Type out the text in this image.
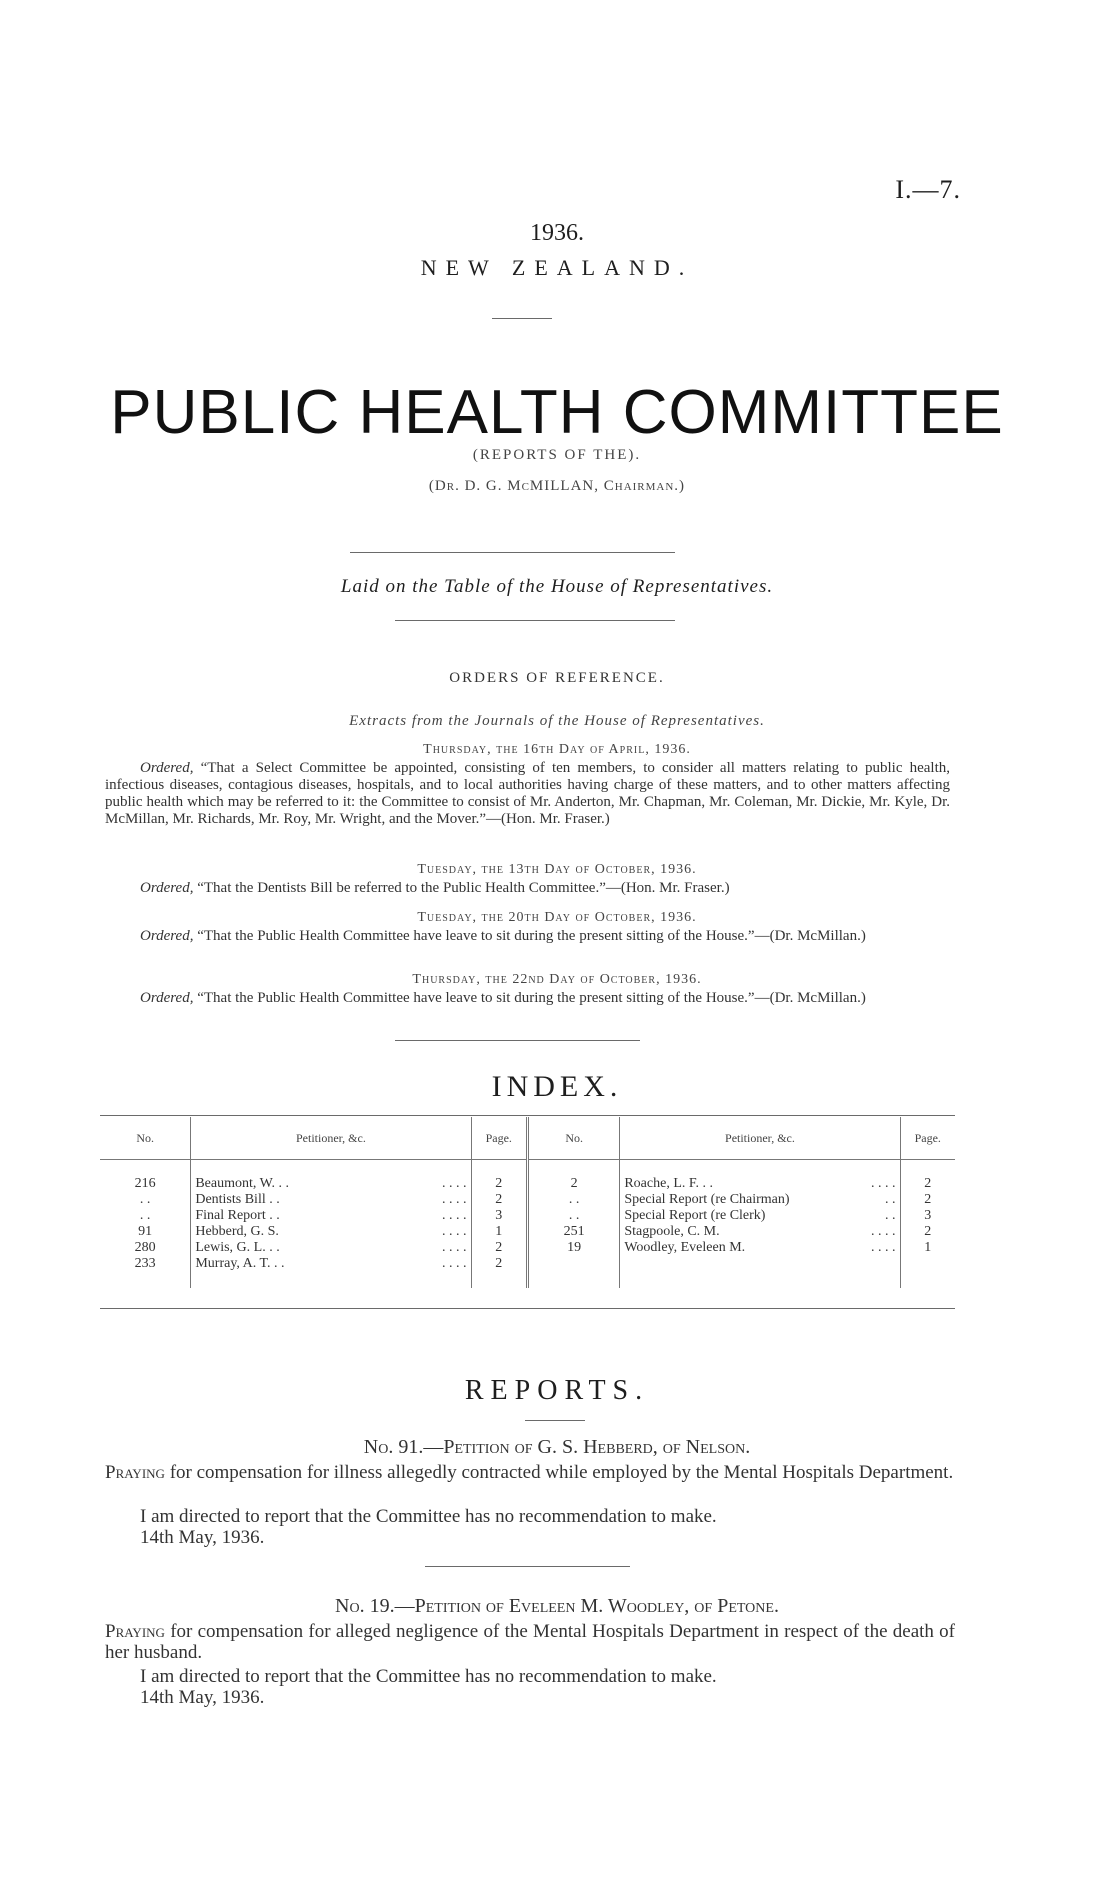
I.—7.
1936.
NEW ZEALAND.
PUBLIC HEALTH COMMITTEE
(REPORTS OF THE).
(Dr. D. G. McMILLAN, Chairman.)
Laid on the Table of the House of Representatives.
ORDERS OF REFERENCE.
Extracts from the Journals of the House of Representatives.
Thursday, the 16th Day of April, 1936.
Ordered, “That a Select Committee be appointed, consisting of ten members, to consider all matters relating to public health, infectious diseases, contagious diseases, hospitals, and to local authorities having charge of these matters, and to other matters affecting public health which may be referred to it: the Committee to consist of Mr. Anderton, Mr. Chapman, Mr. Coleman, Mr. Dickie, Mr. Kyle, Dr. McMillan, Mr. Richards, Mr. Roy, Mr. Wright, and the Mover.”—(Hon. Mr. Fraser.)
Tuesday, the 13th Day of October, 1936.
Ordered, “That the Dentists Bill be referred to the Public Health Committee.”—(Hon. Mr. Fraser.)
Tuesday, the 20th Day of October, 1936.
Ordered, “That the Public Health Committee have leave to sit during the present sitting of the House.”—(Dr. McMillan.)
Thursday, the 22nd Day of October, 1936.
Ordered, “That the Public Health Committee have leave to sit during the present sitting of the House.”—(Dr. McMillan.)
INDEX.
No.	Petitioner, &c.	Page.	No.	Petitioner, &c.	Page.

216	Beaumont, W. . . . . . .	2	2	Roache, L. F. . . . . . .	2
. .	Dentists Bill . . . . . .	2	. .	Special Report (re Chairman) . .	2
. .	Final Report . . . . . .	3	. .	Special Report (re Clerk) . .	3
91	Hebberd, G. S. . . . .	1	251	Stagpoole, C. M. . . . .	2
280	Lewis, G. L. . . . . . .	2	19	Woodley, Eveleen M. . . . .	1
233	Murray, A. T. . . . . . .	2		

REPORTS.
No. 91.—Petition of G. S. Hebberd, of Nelson.
Praying for compensation for illness allegedly contracted while employed by the Mental Hospitals Department.
I am directed to report that the Committee has no recommendation to make.
14th May, 1936.
No. 19.—Petition of Eveleen M. Woodley, of Petone.
Praying for compensation for alleged negligence of the Mental Hospitals Department in respect of the death of her husband.
I am directed to report that the Committee has no recommendation to make.
14th May, 1936.
